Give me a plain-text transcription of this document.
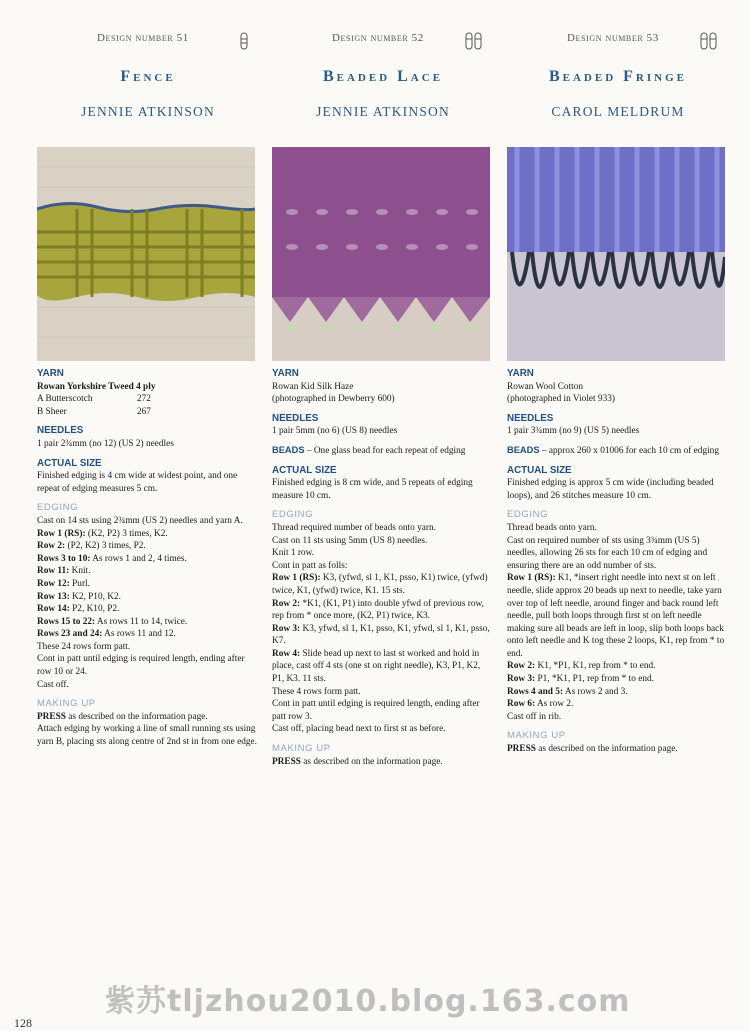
Design number 51
Fence
JENNIE ATKINSON
YARN
Rowan Yorkshire Tweed 4 ply
A Butterscotch	272
B Sheer	267
NEEDLES
1 pair 2¾mm (no 12) (US 2) needles
ACTUAL SIZE
Finished edging is 4 cm wide at widest point, and one repeat of edging measures 5 cm.
EDGING
Cast on 14 sts using 2¾mm (US 2) needles and yarn A.
Row 1 (RS): (K2, P2) 3 times, K2.
Row 2: (P2, K2) 3 times, P2.
Rows 3 to 10: As rows 1 and 2, 4 times.
Row 11: Knit.
Row 12: Purl.
Row 13: K2, P10, K2.
Row 14: P2, K10, P2.
Rows 15 to 22: As rows 11 to 14, twice.
Rows 23 and 24: As rows 11 and 12.
These 24 rows form patt.
Cont in patt until edging is required length, ending after row 10 or 24.
Cast off.
MAKING UP
PRESS as described on the information page.
Attach edging by working a line of small running sts using yarn B, placing sts along centre of 2nd st in from one edge.
Design number 52
Beaded Lace
JENNIE ATKINSON
YARN
Rowan Kid Silk Haze
(photographed in Dewberry 600)
NEEDLES
1 pair 5mm (no 6) (US 8) needles
BEADS – One glass bead for each repeat of edging
ACTUAL SIZE
Finished edging is 8 cm wide, and 5 repeats of edging measure 10 cm.
EDGING
Thread required number of beads onto yarn.
Cast on 11 sts using 5mm (US 8) needles.
Knit 1 row.
Cont in patt as folls:
Row 1 (RS): K3, (yfwd, sl 1, K1, psso, K1) twice, (yfwd) twice, K1, (yfwd) twice, K1. 15 sts.
Row 2: *K1, (K1, P1) into double yfwd of previous row, rep from * once more, (K2, P1) twice, K3.
Row 3: K3, yfwd, sl 1, K1, psso, K1, yfwd, sl 1, K1, psso, K7.
Row 4: Slide bead up next to last st worked and hold in place, cast off 4 sts (one st on right needle), K3, P1, K2, P1, K3. 11 sts.
These 4 rows form patt.
Cont in patt until edging is required length, ending after patt row 3.
Cast off, placing bead next to first st as before.
MAKING UP
PRESS as described on the information page.
Design number 53
Beaded Fringe
CAROL MELDRUM
YARN
Rowan Wool Cotton
(photographed in Violet 933)
NEEDLES
1 pair 3¾mm (no 9) (US 5) needles
BEADS – approx 260 x 01006 for each 10 cm of edging
ACTUAL SIZE
Finished edging is approx 5 cm wide (including beaded loops), and 26 stitches measure 10 cm.
EDGING
Thread beads onto yarn.
Cast on required number of sts using 3¾mm (US 5) needles, allowing 26 sts for each 10 cm of edging and ensuring there are an odd number of sts.
Row 1 (RS): K1, *insert right needle into next st on left needle, slide approx 20 beads up next to needle, take yarn over top of left needle, around finger and back round left needle, pull both loops through first st on left needle making sure all beads are left in loop, slip both loops back onto left needle and K tog these 2 loops, K1, rep from * to end.
Row 2: K1, *P1, K1, rep from * to end.
Row 3: P1, *K1, P1, rep from * to end.
Rows 4 and 5: As rows 2 and 3.
Row 6: As row 2.
Cast off in rib.
MAKING UP
PRESS as described on the information page.
紫苏tljzhou2010.blog.163.com
128
